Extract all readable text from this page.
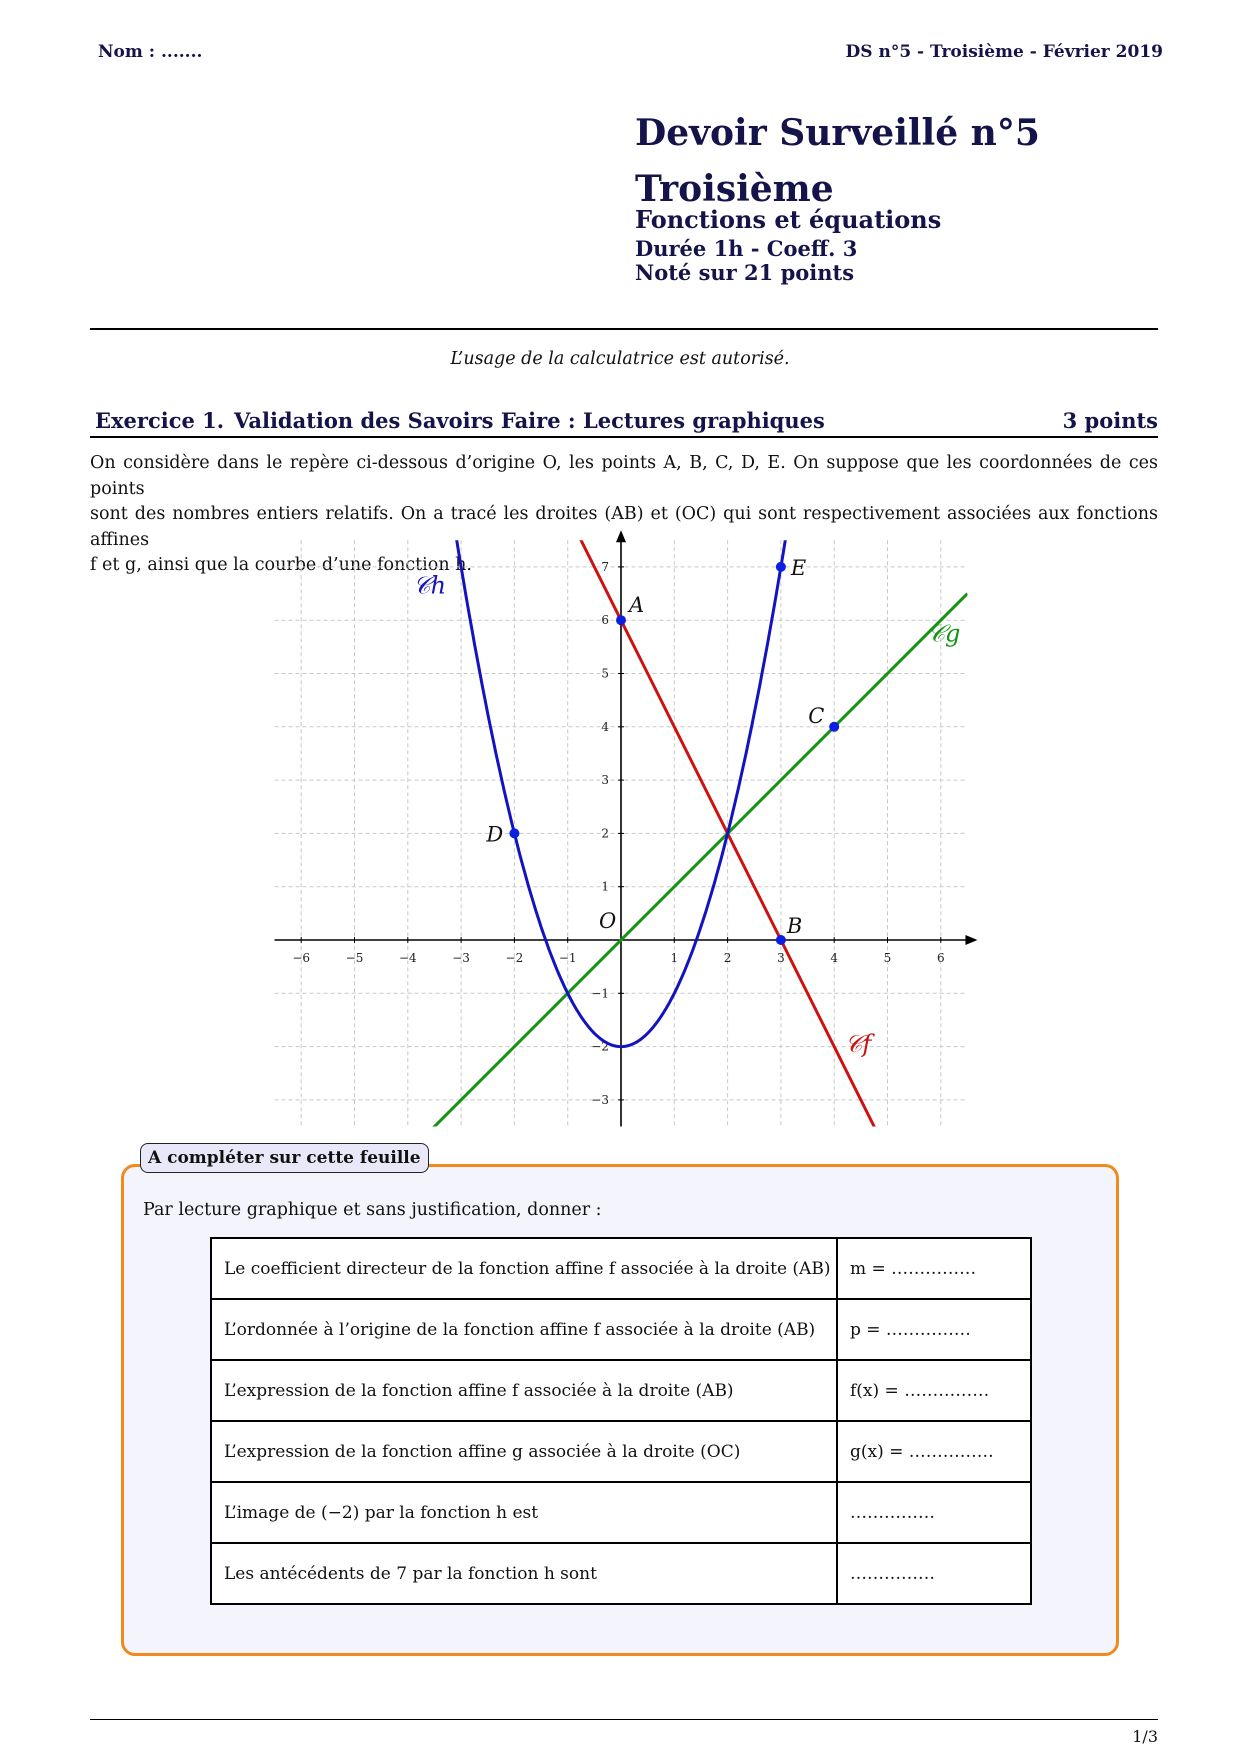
Nom : .......	DS n°5 - Troisième - Février 2019
Devoir Surveillé n°5
Troisième
Fonctions et équations
Durée 1h - Coeff. 3
Noté sur 21 points
L’usage de la calculatrice est autorisé.
Exercice 1. Validation des Savoirs Faire : Lectures graphiques	3 points
On considère dans le repère ci-dessous d’origine O, les points A, B, C, D, E. On suppose que les coordonnées de ces points
sont des nombres entiers relatifs. On a tracé les droites (AB) et (OC) qui sont respectivement associées aux fonctions affines
f et g, ainsi que la courbe d’une fonction h.
−6	−5	−4	−3	−2	−1	1	2	3	4	5	6
−3
−2
−1
1
2
3
4
5
6
7
O
𝒞f
𝒞g
𝒞h
A
B
C
D
E
A compléter sur cette feuille
Par lecture graphique et sans justification, donner :
Le coefficient directeur de la fonction affine f associée à la droite (AB)	m = ……………
L’ordonnée à l’origine de la fonction affine f associée à la droite (AB)	p = ……………
L’expression de la fonction affine f associée à la droite (AB)	f(x) = ……………
L’expression de la fonction affine g associée à la droite (OC)	g(x) = ……………
L’image de (−2) par la fonction h est	……………
Les antécédents de 7 par la fonction h sont	……………
1/3
